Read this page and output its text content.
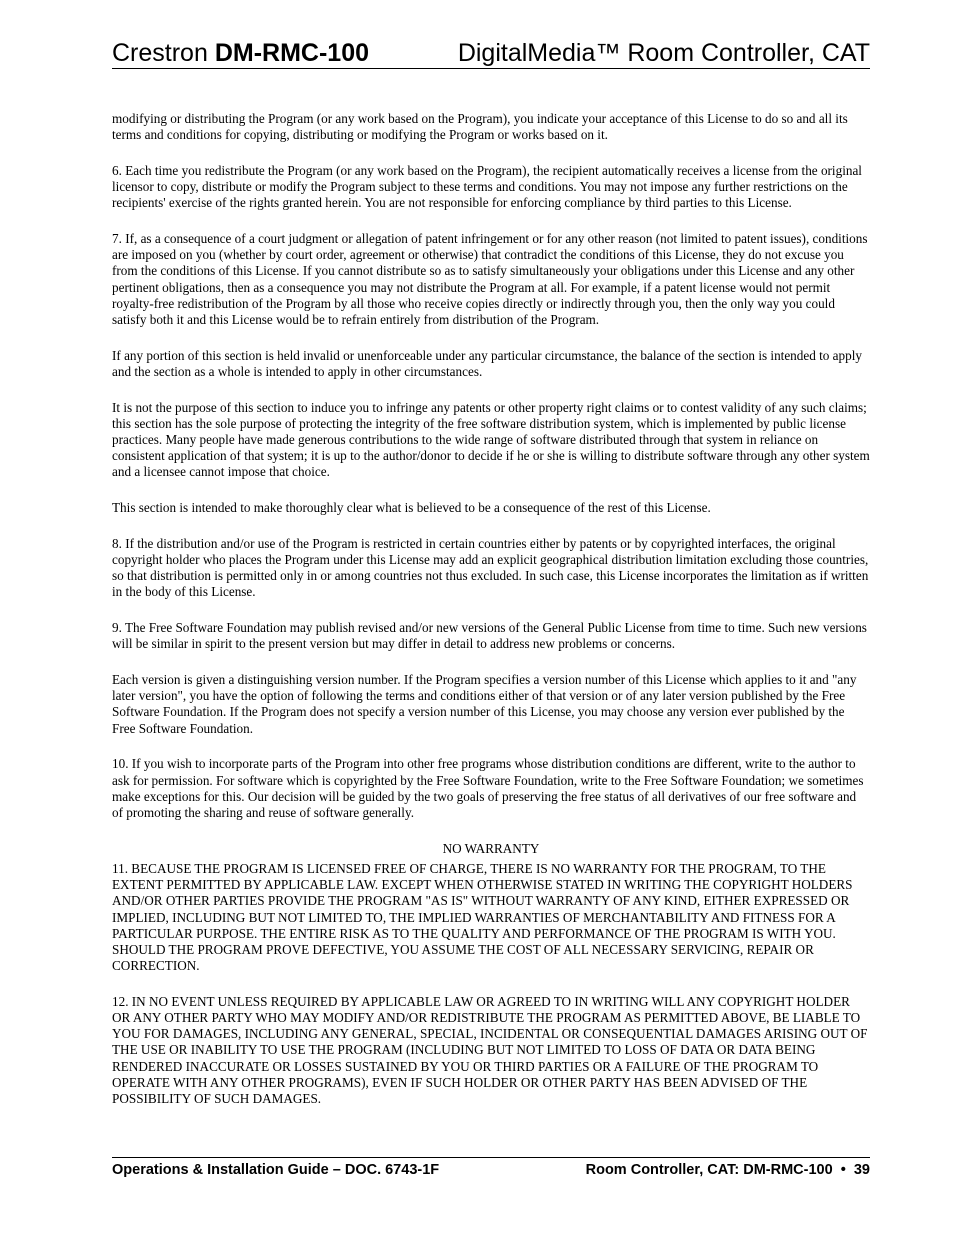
Crestron DM-RMC-100	DigitalMedia™ Room Controller, CAT

modifying or distributing the Program (or any work based on the Program), you indicate your acceptance of this License to do so and all its terms and conditions for copying, distributing or modifying the Program or works based on it.

6. Each time you redistribute the Program (or any work based on the Program), the recipient automatically receives a license from the original licensor to copy, distribute or modify the Program subject to these terms and conditions. You may not impose any further restrictions on the recipients' exercise of the rights granted herein. You are not responsible for enforcing compliance by third parties to this License.

7. If, as a consequence of a court judgment or allegation of patent infringement or for any other reason (not limited to patent issues), conditions are imposed on you (whether by court order, agreement or otherwise) that contradict the conditions of this License, they do not excuse you from the conditions of this License. If you cannot distribute so as to satisfy simultaneously your obligations under this License and any other pertinent obligations, then as a consequence you may not distribute the Program at all. For example, if a patent license would not permit royalty-free redistribution of the Program by all those who receive copies directly or indirectly through you, then the only way you could satisfy both it and this License would be to refrain entirely from distribution of the Program.

If any portion of this section is held invalid or unenforceable under any particular circumstance, the balance of the section is intended to apply and the section as a whole is intended to apply in other circumstances.

It is not the purpose of this section to induce you to infringe any patents or other property right claims or to contest validity of any such claims; this section has the sole purpose of protecting the integrity of the free software distribution system, which is implemented by public license practices. Many people have made generous contributions to the wide range of software distributed through that system in reliance on consistent application of that system; it is up to the author/donor to decide if he or she is willing to distribute software through any other system and a licensee cannot impose that choice.

This section is intended to make thoroughly clear what is believed to be a consequence of the rest of this License.

8. If the distribution and/or use of the Program is restricted in certain countries either by patents or by copyrighted interfaces, the original copyright holder who places the Program under this License may add an explicit geographical distribution limitation excluding those countries, so that distribution is permitted only in or among countries not thus excluded. In such case, this License incorporates the limitation as if written in the body of this License.

9. The Free Software Foundation may publish revised and/or new versions of the General Public License from time to time. Such new versions will be similar in spirit to the present version but may differ in detail to address new problems or concerns.

Each version is given a distinguishing version number. If the Program specifies a version number of this License which applies to it and "any later version", you have the option of following the terms and conditions either of that version or of any later version published by the Free Software Foundation. If the Program does not specify a version number of this License, you may choose any version ever published by the Free Software Foundation.

10. If you wish to incorporate parts of the Program into other free programs whose distribution conditions are different, write to the author to ask for permission. For software which is copyrighted by the Free Software Foundation, write to the Free Software Foundation; we sometimes make exceptions for this. Our decision will be guided by the two goals of preserving the free status of all derivatives of our free software and of promoting the sharing and reuse of software generally.

NO WARRANTY

11. BECAUSE THE PROGRAM IS LICENSED FREE OF CHARGE, THERE IS NO WARRANTY FOR THE PROGRAM, TO THE EXTENT PERMITTED BY APPLICABLE LAW. EXCEPT WHEN OTHERWISE STATED IN WRITING THE COPYRIGHT HOLDERS AND/OR OTHER PARTIES PROVIDE THE PROGRAM "AS IS" WITHOUT WARRANTY OF ANY KIND, EITHER EXPRESSED OR IMPLIED, INCLUDING BUT NOT LIMITED TO, THE IMPLIED WARRANTIES OF MERCHANTABILITY AND FITNESS FOR A PARTICULAR PURPOSE. THE ENTIRE RISK AS TO THE QUALITY AND PERFORMANCE OF THE PROGRAM IS WITH YOU. SHOULD THE PROGRAM PROVE DEFECTIVE, YOU ASSUME THE COST OF ALL NECESSARY SERVICING, REPAIR OR CORRECTION.

12. IN NO EVENT UNLESS REQUIRED BY APPLICABLE LAW OR AGREED TO IN WRITING WILL ANY COPYRIGHT HOLDER OR ANY OTHER PARTY WHO MAY MODIFY AND/OR REDISTRIBUTE THE PROGRAM AS PERMITTED ABOVE, BE LIABLE TO YOU FOR DAMAGES, INCLUDING ANY GENERAL, SPECIAL, INCIDENTAL OR CONSEQUENTIAL DAMAGES ARISING OUT OF THE USE OR INABILITY TO USE THE PROGRAM (INCLUDING BUT NOT LIMITED TO LOSS OF DATA OR DATA BEING RENDERED INACCURATE OR LOSSES SUSTAINED BY YOU OR THIRD PARTIES OR A FAILURE OF THE PROGRAM TO OPERATE WITH ANY OTHER PROGRAMS), EVEN IF SUCH HOLDER OR OTHER PARTY HAS BEEN ADVISED OF THE POSSIBILITY OF SUCH DAMAGES.

Operations & Installation Guide – DOC. 6743-1F	Room Controller, CAT: DM-RMC-100 • 39
